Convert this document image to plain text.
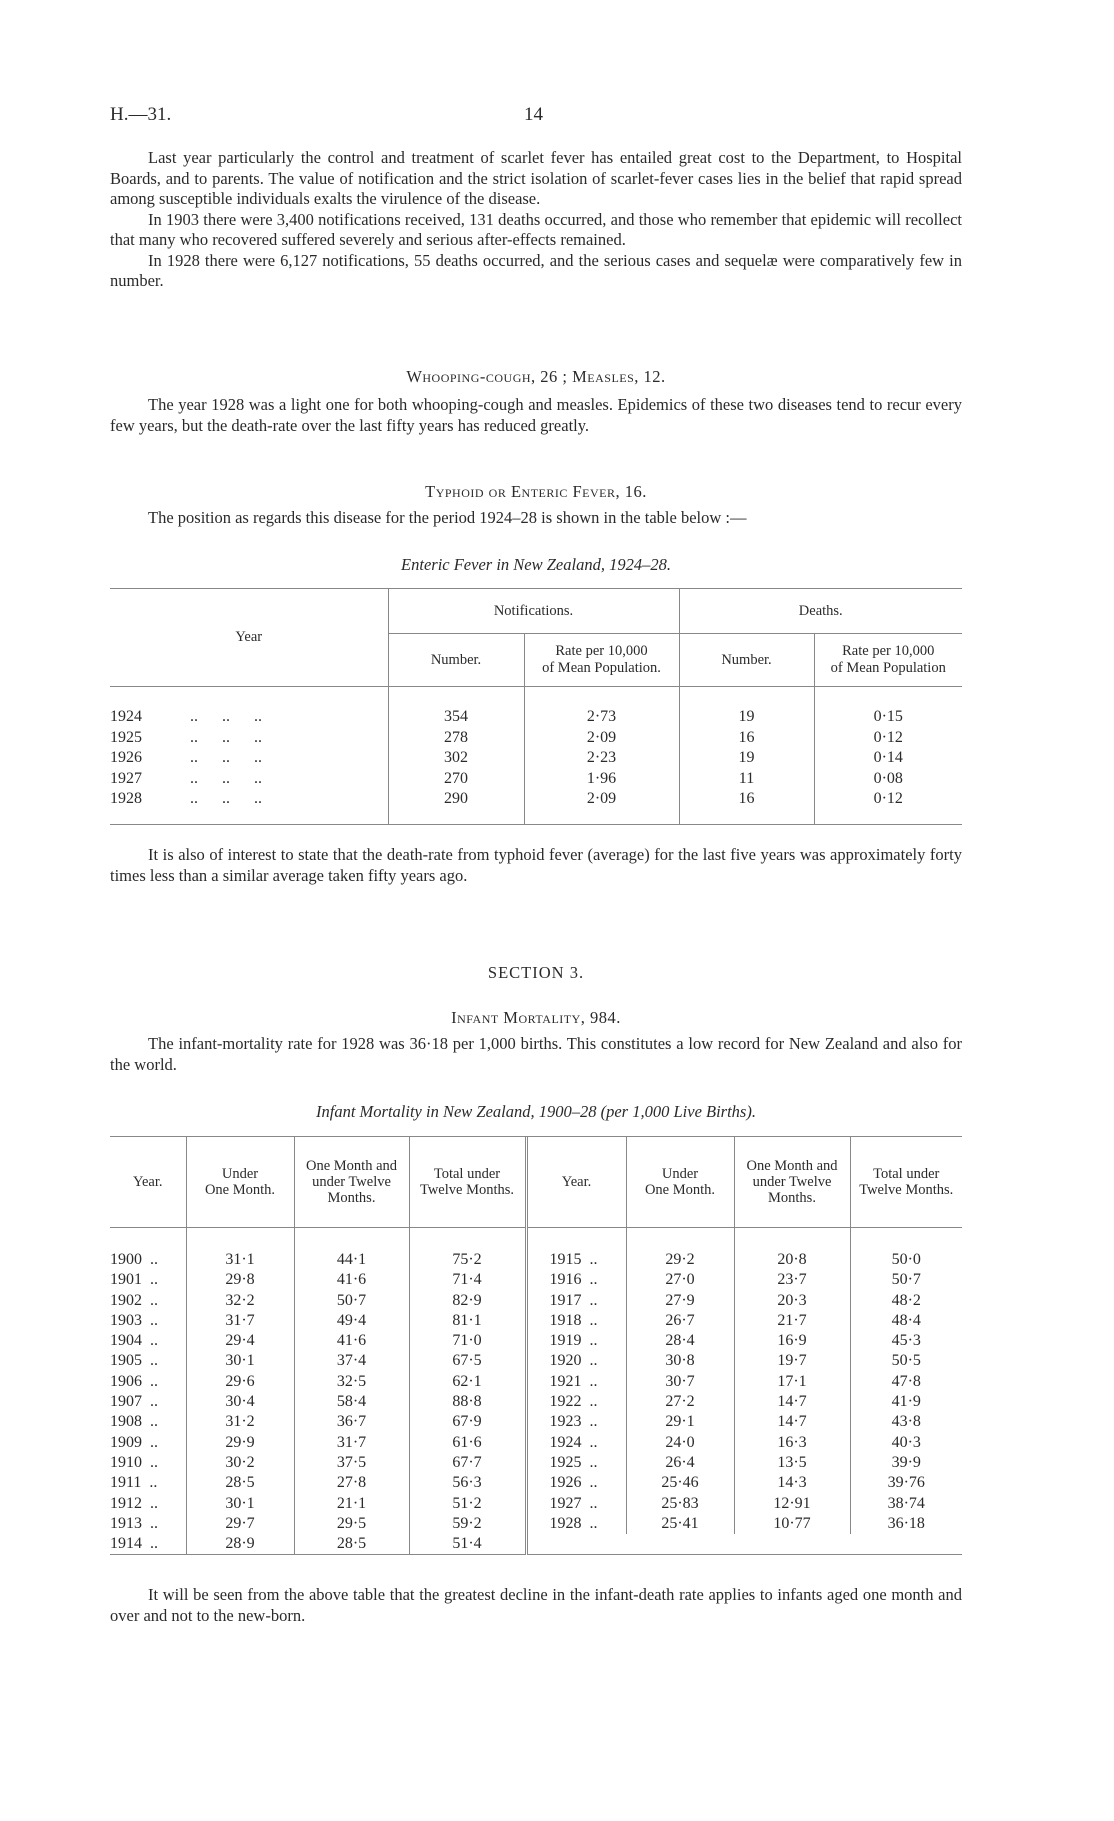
H.—31.	14

Last year particularly the control and treatment of scarlet fever has entailed great cost to the Department, to Hospital Boards, and to parents. The value of notification and the strict isolation of scarlet-fever cases lies in the belief that rapid spread among susceptible individuals exalts the virulence of the disease.

In 1903 there were 3,400 notifications received, 131 deaths occurred, and those who remember that epidemic will recollect that many who recovered suffered severely and serious after-effects remained.

In 1928 there were 6,127 notifications, 55 deaths occurred, and the serious cases and sequelæ were comparatively few in number.

Whooping-cough, 26 ; Measles, 12.

The year 1928 was a light one for both whooping-cough and measles. Epidemics of these two diseases tend to recur every few years, but the death-rate over the last fifty years has reduced greatly.

Typhoid or Enteric Fever, 16.

The position as regards this disease for the period 1924–28 is shown in the table below :—

Enteric Fever in New Zealand, 1924–28.

Year	Notifications.		Deaths.	
	Number.	Rate per 10,000
of Mean Population.	Number.	Rate per 10,000
of Mean Population

1924 ..      ..      ..	354	2·73	19	0·15
1925 ..      ..      ..	278	2·09	16	0·12
1926 ..      ..      ..	302	2·23	19	0·14
1927 ..      ..      ..	270	1·96	11	0·08
1928 ..      ..      ..	290	2·09	16	0·12

It is also of interest to state that the death-rate from typhoid fever (average) for the last five years was approximately forty times less than a similar average taken fifty years ago.

SECTION 3.
Infant Mortality, 984.

The infant-mortality rate for 1928 was 36·18 per 1,000 births. This constitutes a low record for New Zealand and also for the world.

Infant Mortality in New Zealand, 1900–28 (per 1,000 Live Births).

Year.	Under
One Month.	One Month and
under Twelve
Months.	Total under
Twelve Months.	Year.	Under
One Month.	One Month and
under Twelve
Months.	Total under
Twelve Months.

1900 ..	31·1	44·1	75·2	1915 ..	29·2	20·8	50·0
1901 ..	29·8	41·6	71·4	1916 ..	27·0	23·7	50·7
1902 ..	32·2	50·7	82·9	1917 ..	27·9	20·3	48·2
1903 ..	31·7	49·4	81·1	1918 ..	26·7	21·7	48·4
1904 ..	29·4	41·6	71·0	1919 ..	28·4	16·9	45·3
1905 ..	30·1	37·4	67·5	1920 ..	30·8	19·7	50·5
1906 ..	29·6	32·5	62·1	1921 ..	30·7	17·1	47·8
1907 ..	30·4	58·4	88·8	1922 ..	27·2	14·7	41·9
1908 ..	31·2	36·7	67·9	1923 ..	29·1	14·7	43·8
1909 ..	29·9	31·7	61·6	1924 ..	24·0	16·3	40·3
1910 ..	30·2	37·5	67·7	1925 ..	26·4	13·5	39·9
1911 ..	28·5	27·8	56·3	1926 ..	25·46	14·3	39·76
1912 ..	30·1	21·1	51·2	1927 ..	25·83	12·91	38·74
1913 ..	29·7	29·5	59·2	1928 ..	25·41	10·77	36·18
1914 ..	28·9	28·5	51·4				

It will be seen from the above table that the greatest decline in the infant-death rate applies to infants aged one month and over and not to the new-born.
